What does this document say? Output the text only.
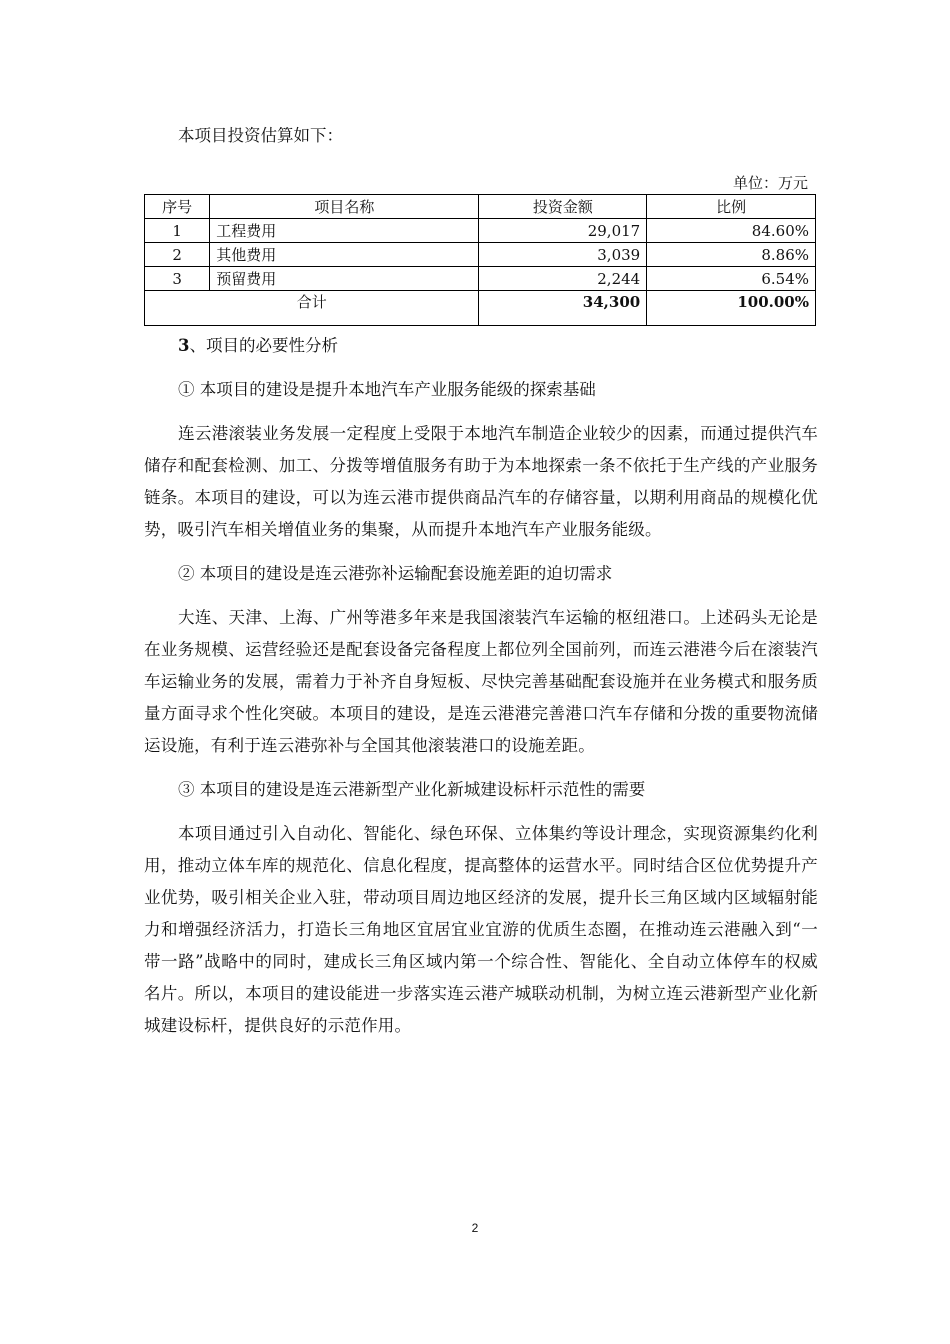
本项目投资估算如下：
单位：万元
序号	项目名称	投资金额	比例
1	工程费用	29,017	84.60%
2	其他费用	3,039	8.86%
3	预留费用	2,244	6.54%
合计		34,300	100.00%

3、项目的必要性分析

① 本项目的建设是提升本地汽车产业服务能级的探索基础

连云港滚装业务发展一定程度上受限于本地汽车制造企业较少的因素，而通过提供汽车储存和配套检测、加工、分拨等增值服务有助于为本地探索一条不依托于生产线的产业服务链条。本项目的建设，可以为连云港市提供商品汽车的存储容量，以期利用商品的规模化优势，吸引汽车相关增值业务的集聚，从而提升本地汽车产业服务能级。

② 本项目的建设是连云港弥补运输配套设施差距的迫切需求

大连、天津、上海、广州等港多年来是我国滚装汽车运输的枢纽港口。上述码头无论是在业务规模、运营经验还是配套设备完备程度上都位列全国前列，而连云港港今后在滚装汽车运输业务的发展，需着力于补齐自身短板、尽快完善基础配套设施并在业务模式和服务质量方面寻求个性化突破。本项目的建设，是连云港港完善港口汽车存储和分拨的重要物流储运设施，有利于连云港弥补与全国其他滚装港口的设施差距。

③ 本项目的建设是连云港新型产业化新城建设标杆示范性的需要

本项目通过引入自动化、智能化、绿色环保、立体集约等设计理念，实现资源集约化利用，推动立体车库的规范化、信息化程度，提高整体的运营水平。同时结合区位优势提升产业优势，吸引相关企业入驻，带动项目周边地区经济的发展，提升长三角区域内区域辐射能力和增强经济活力，打造长三角地区宜居宜业宜游的优质生态圈，在推动连云港融入到“一带一路”战略中的同时，建成长三角区域内第一个综合性、智能化、全自动立体停车的权威名片。所以，本项目的建设能进一步落实连云港产城联动机制，为树立连云港新型产业化新城建设标杆，提供良好的示范作用。

2
